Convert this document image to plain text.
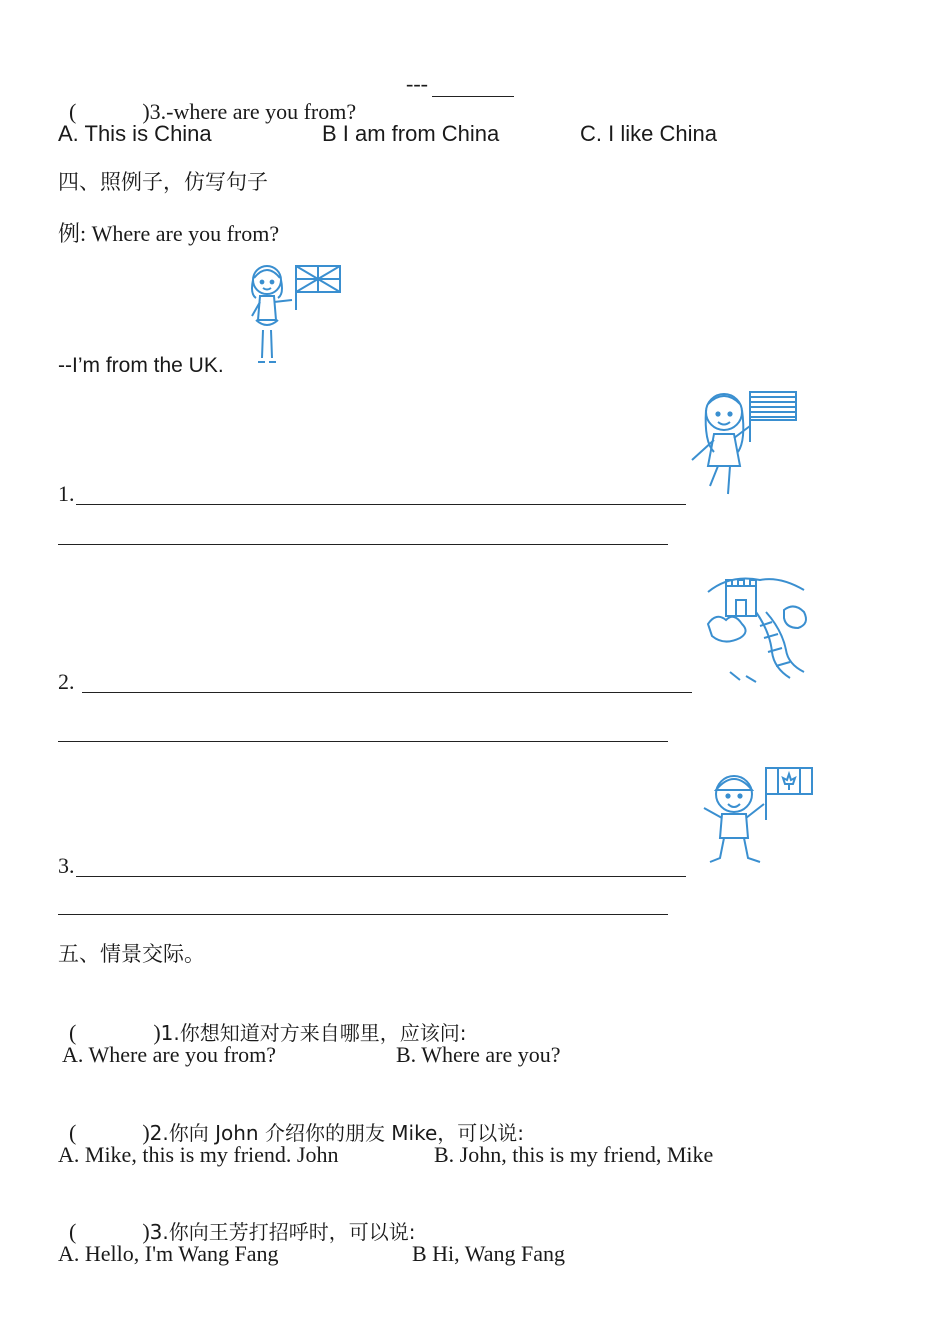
(            )3.-where are you from?

---
A. This is China	B I am from China	C. I like China
四、照例子，仿写句子
例: Where are you from?
--I’m from the UK.
1.
2.
3.
五、情景交际。

(              )1.你想知道对方来自哪里，应该问:

A. Where are you from?	B. Where are you?

(            )2.你向 John 介绍你的朋友 Mike，可以说:

A. Mike, this is my friend. John	B. John, this is my friend, Mike

(            )3.你向王芳打招呼时，可以说:

A. Hello, I'm Wang Fang	B Hi, Wang Fang
